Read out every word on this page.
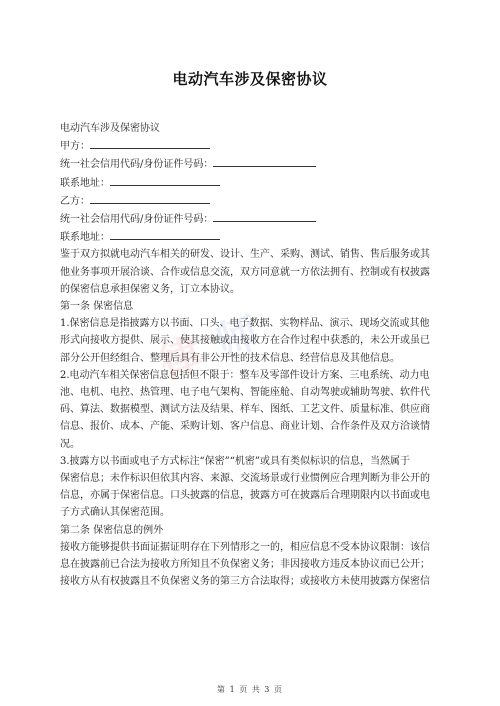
电动汽车涉及保密协议
律 师
电动汽车涉及保密协议
甲方：
统一社会信用代码/身份证件号码：
联系地址：
乙方：
统一社会信用代码/身份证件号码：
联系地址：
鉴于双方拟就电动汽车相关的研发、设计、生产、采购、测试、销售、售后服务或其
他业务事项开展洽谈、合作或信息交流，双方同意就一方依法拥有、控制或有权披露
的保密信息承担保密义务，订立本协议。
第一条 保密信息
1.保密信息是指披露方以书面、口头、电子数据、实物样品、演示、现场交流或其他
形式向接收方提供、展示、使其接触或由接收方在合作过程中获悉的，未公开或虽已
部分公开但经组合、整理后具有非公开性的技术信息、经营信息及其他信息。
2.电动汽车相关保密信息包括但不限于：整车及零部件设计方案、三电系统、动力电
池、电机、电控、热管理、电子电气架构、智能座舱、自动驾驶或辅助驾驶、软件代
码、算法、数据模型、测试方法及结果、样车、图纸、工艺文件、质量标准、供应商
信息、报价、成本、产能、采购计划、客户信息、商业计划、合作条件及双方洽谈情
况。
3.披露方以书面或电子方式标注“保密”“机密”或具有类似标识的信息，当然属于
保密信息；未作标识但依其内容、来源、交流场景或行业惯例应合理判断为非公开的
信息，亦属于保密信息。口头披露的信息，披露方可在披露后合理期限内以书面或电
子方式确认其保密范围。
第二条 保密信息的例外
接收方能够提供书面证据证明存在下列情形之一的，相应信息不受本协议限制：该信
息在披露前已合法为接收方所知且不负保密义务；非因接收方违反本协议而已公开；
接收方从有权披露且不负保密义务的第三方合法取得；或接收方未使用披露方保密信
第 1 页 共 3 页
